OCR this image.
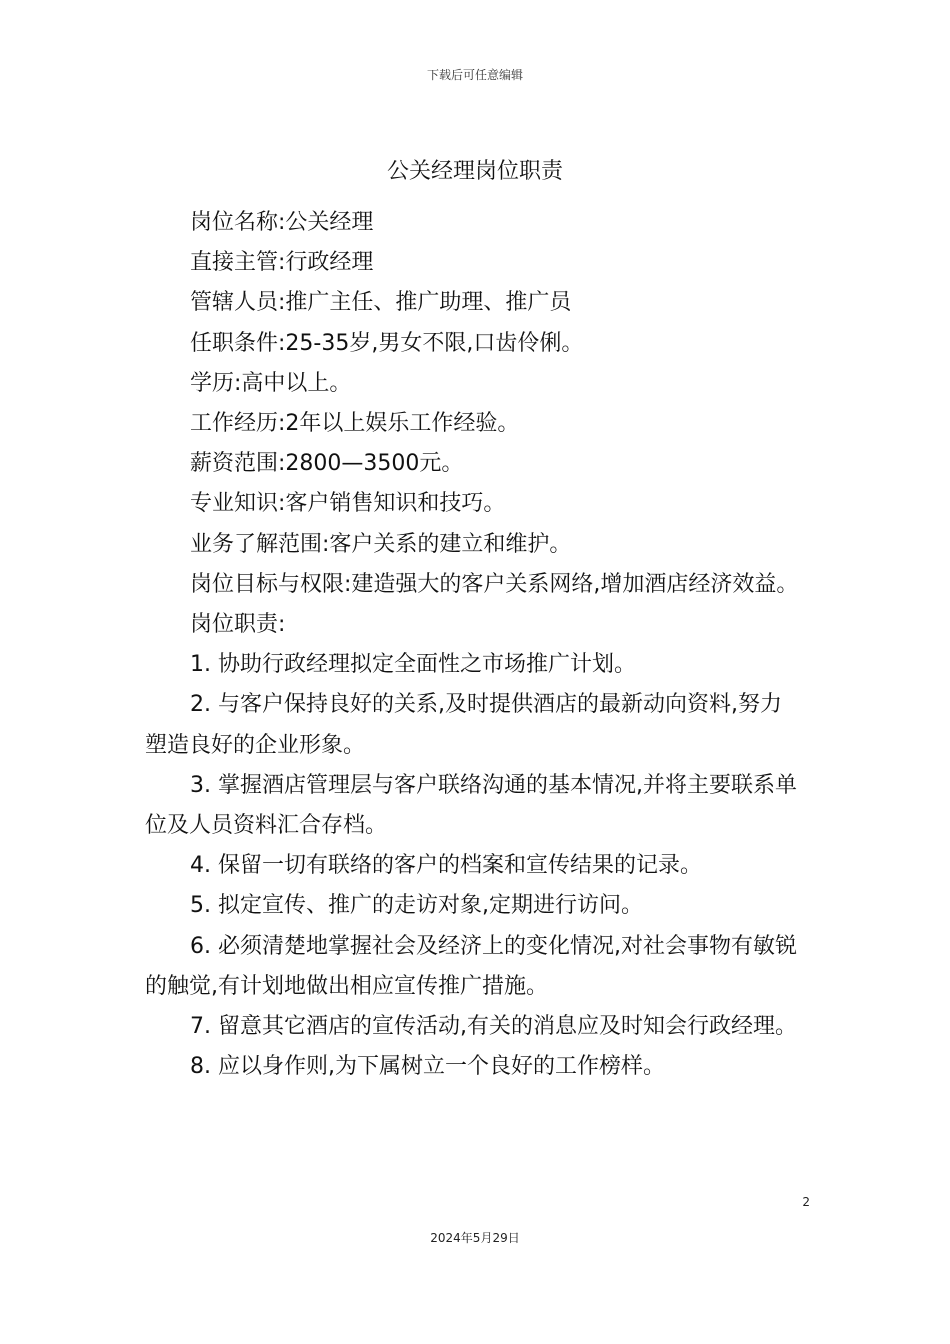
下载后可任意编辑
公关经理岗位职责

岗位名称:公关经理

直接主管:行政经理

管辖人员:推广主任、推广助理、推广员

任职条件:25-35岁,男女不限,口齿伶俐。

学历:高中以上。

工作经历:2年以上娱乐工作经验。

薪资范围:2800—3500元。

专业知识:客户销售知识和技巧。

业务了解范围:客户关系的建立和维护。

岗位目标与权限:建造强大的客户关系网络,增加酒店经济效益。

岗位职责:

1. 协助行政经理拟定全面性之市场推广计划。

2. 与客户保持良好的关系,及时提供酒店的最新动向资料,努力塑造良好的企业形象。

3. 掌握酒店管理层与客户联络沟通的基本情况,并将主要联系单位及人员资料汇合存档。

4. 保留一切有联络的客户的档案和宣传结果的记录。

5. 拟定宣传、推广的走访对象,定期进行访问。

6. 必须清楚地掌握社会及经济上的变化情况,对社会事物有敏锐的触觉,有计划地做出相应宣传推广措施。

7. 留意其它酒店的宣传活动,有关的消息应及时知会行政经理。

8. 应以身作则,为下属树立一个良好的工作榜样。

2
2024年5月29日
